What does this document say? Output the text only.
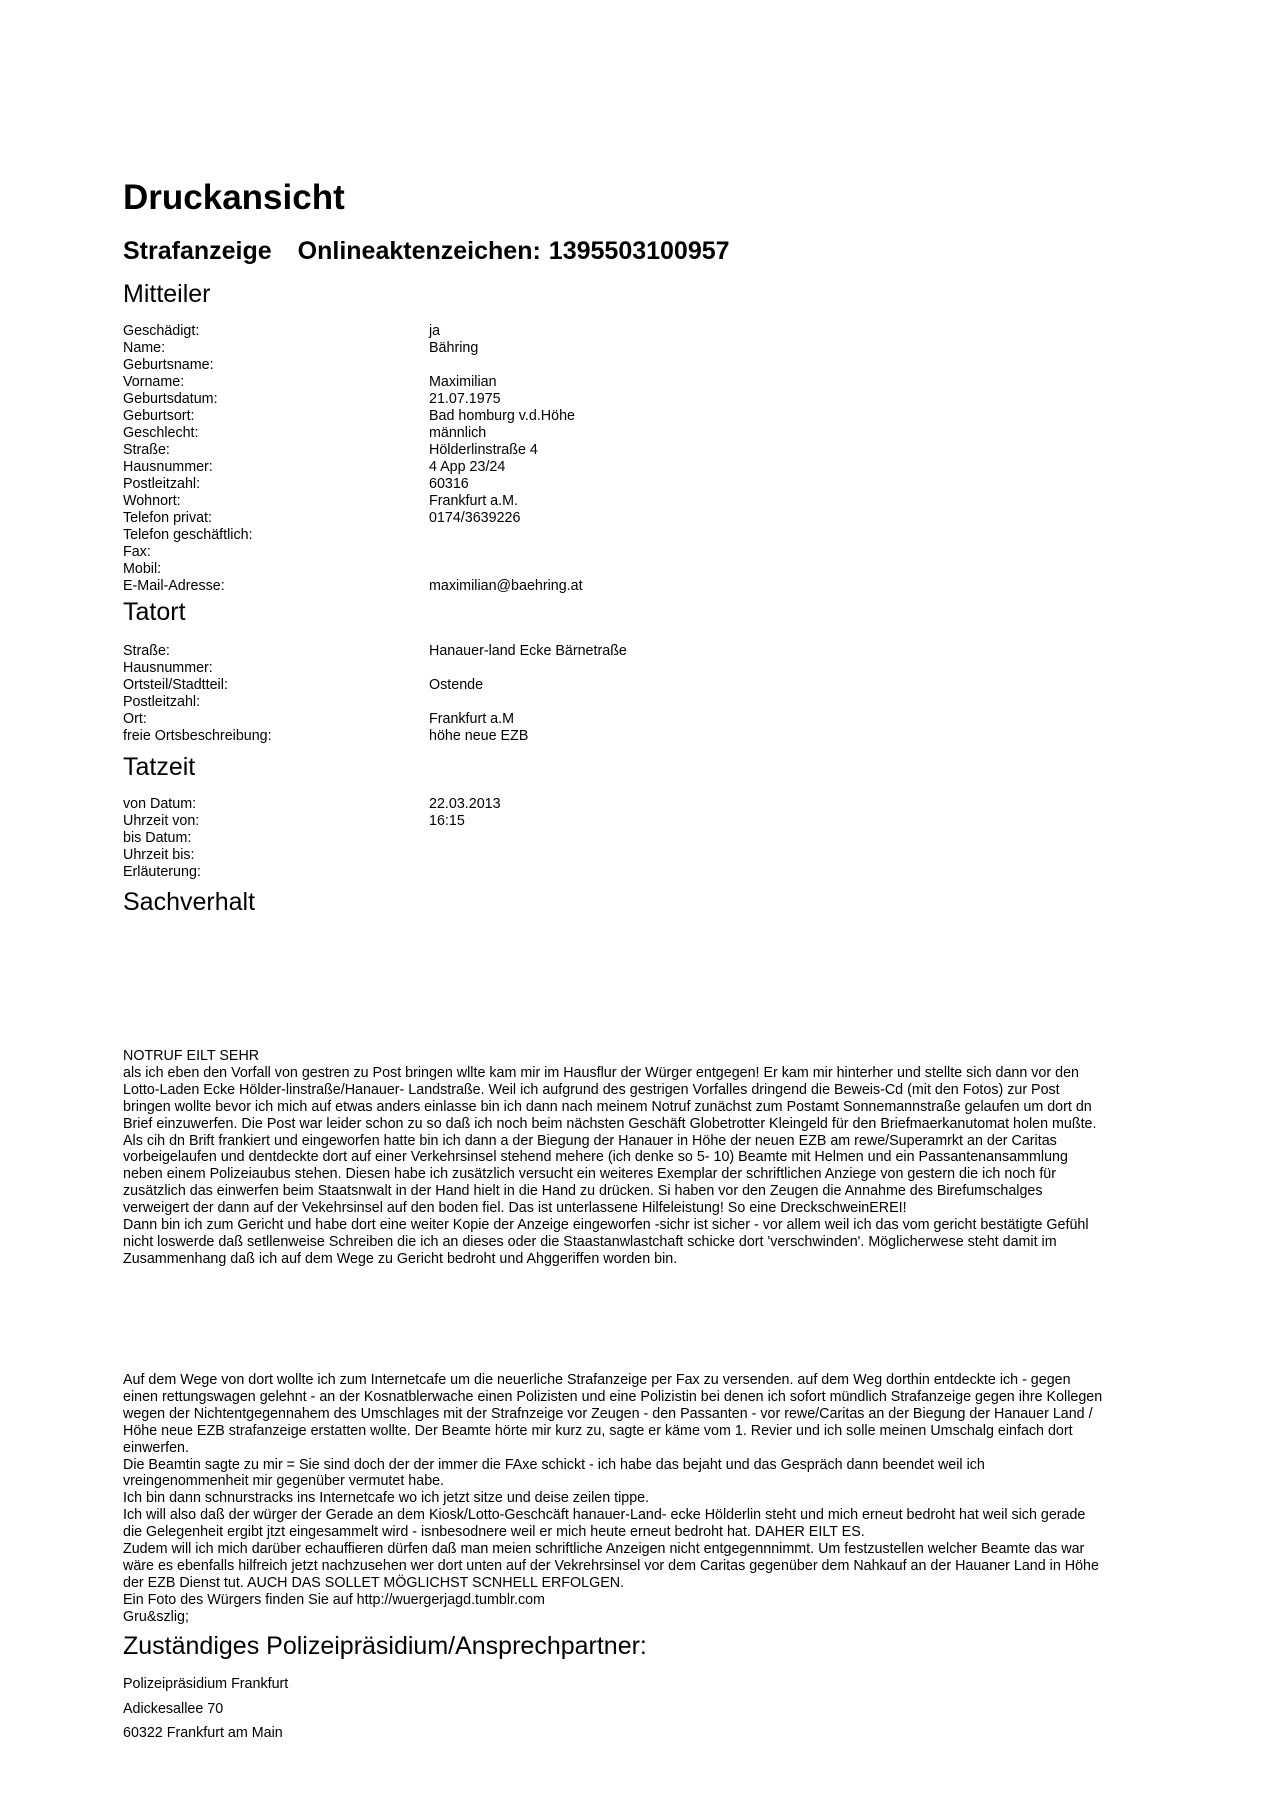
Druckansicht
Strafanzeige Onlineaktenzeichen: 1395503100957
Mitteiler
Geschädigt:	ja
Name:	Bähring
Geburtsname:
Vorname:	Maximilian
Geburtsdatum:	21.07.1975
Geburtsort:	Bad homburg v.d.Höhe
Geschlecht:	männlich
Straße:	Hölderlinstraße 4
Hausnummer:	4 App 23/24
Postleitzahl:	60316
Wohnort:	Frankfurt a.M.
Telefon privat:	0174/3639226
Telefon geschäftlich:
Fax:
Mobil:
E-Mail-Adresse:	maximilian@baehring.at
Tatort
Straße:	Hanauer-land Ecke Bärnetraße
Hausnummer:
Ortsteil/Stadtteil:	Ostende
Postleitzahl:
Ort:	Frankfurt a.M
freie Ortsbeschreibung:	höhe neue EZB
Tatzeit
von Datum:	22.03.2013
Uhrzeit von:	16:15
bis Datum:
Uhrzeit bis:
Erläuterung:
Sachverhalt

NOTRUF EILT SEHR
als ich eben den Vorfall von gestren zu Post bringen wllte kam mir im Hausflur der Würger entgegen! Er kam mir hinterher und stellte sich dann vor den
Lotto-Laden Ecke Hölder-linstraße/Hanauer- Landstraße. Weil ich aufgrund des gestrigen Vorfalles dringend die Beweis-Cd (mit den Fotos) zur Post
bringen wollte bevor ich mich auf etwas anders einlasse bin ich dann nach meinem Notruf zunächst zum Postamt Sonnemannstraße gelaufen um dort dn
Brief einzuwerfen. Die Post war leider schon zu so daß ich noch beim nächsten Geschäft Globetrotter Kleingeld für den Briefmaerkanutomat holen mußte.
Als cih dn Brift frankiert und eingeworfen hatte bin ich dann a der Biegung der Hanauer in Höhe der neuen EZB am rewe/Superamrkt an der Caritas
vorbeigelaufen und dentdeckte dort auf einer Verkehrsinsel stehend mehere (ich denke so 5- 10) Beamte mit Helmen und ein Passantenansammlung
neben einem Polizeiaubus stehen. Diesen habe ich zusätzlich versucht ein weiteres Exemplar der schriftlichen Anziege von gestern die ich noch für
zusätzlich das einwerfen beim Staatsnwalt in der Hand hielt in die Hand zu drücken. Si haben vor den Zeugen die Annahme des Birefumschalges
verweigert der dann auf der Vekehrsinsel auf den boden fiel. Das ist unterlassene Hilfeleistung! So eine DreckschweinEREI!
Dann bin ich zum Gericht und habe dort eine weiter Kopie der Anzeige eingeworfen -sichr ist sicher - vor allem weil ich das vom gericht bestätigte Gefühl
nicht loswerde daß setllenweise Schreiben die ich an dieses oder die Staastanwlastchaft schicke dort 'verschwinden'. Möglicherwese steht damit im
Zusammenhang daß ich auf dem Wege zu Gericht bedroht und Ahggeriffen worden bin.

Auf dem Wege von dort wollte ich zum Internetcafe um die neuerliche Strafanzeige per Fax zu versenden. auf dem Weg dorthin entdeckte ich - gegen
einen rettungswagen gelehnt - an der Kosnatblerwache einen Polizisten und eine Polizistin bei denen ich sofort mündlich Strafanzeige gegen ihre Kollegen
wegen der Nichtentgegennahem des Umschlages mit der Strafnzeige vor Zeugen - den Passanten - vor rewe/Caritas an der Biegung der Hanauer Land /
Höhe neue EZB strafanzeige erstatten wollte. Der Beamte hörte mir kurz zu, sagte er käme vom 1. Revier und ich solle meinen Umschalg einfach dort
einwerfen.
Die Beamtin sagte zu mir = Sie sind doch der der immer die FAxe schickt - ich habe das bejaht und das Gespräch dann beendet weil ich
vreingenommenheit mir gegenüber vermutet habe.
Ich bin dann schnurstracks ins Internetcafe wo ich jetzt sitze und deise zeilen tippe.
Ich will also daß der würger der Gerade an dem Kiosk/Lotto-Geschcäft hanauer-Land- ecke Hölderlin steht und mich erneut bedroht hat weil sich gerade
die Gelegenheit ergibt jtzt eingesammelt wird - isnbesodnere weil er mich heute erneut bedroht hat. DAHER EILT ES.
Zudem will ich mich darüber echauffieren dürfen daß man meien schriftliche Anzeigen nicht entgegennnimmt. Um festzustellen welcher Beamte das war
wäre es ebenfalls hilfreich jetzt nachzusehen wer dort unten auf der Vekrehrsinsel vor dem Caritas gegenüber dem Nahkauf an der Hauaner Land in Höhe
der EZB Dienst tut. AUCH DAS SOLLET MÖGLICHST SCNHELL ERFOLGEN.
Ein Foto des Würgers finden Sie auf http://wuergerjagd.tumblr.com
Gru&szlig;

Zuständiges Polizeipräsidium/Ansprechpartner:
Polizeipräsidium Frankfurt
Adickesallee 70
60322 Frankfurt am Main
